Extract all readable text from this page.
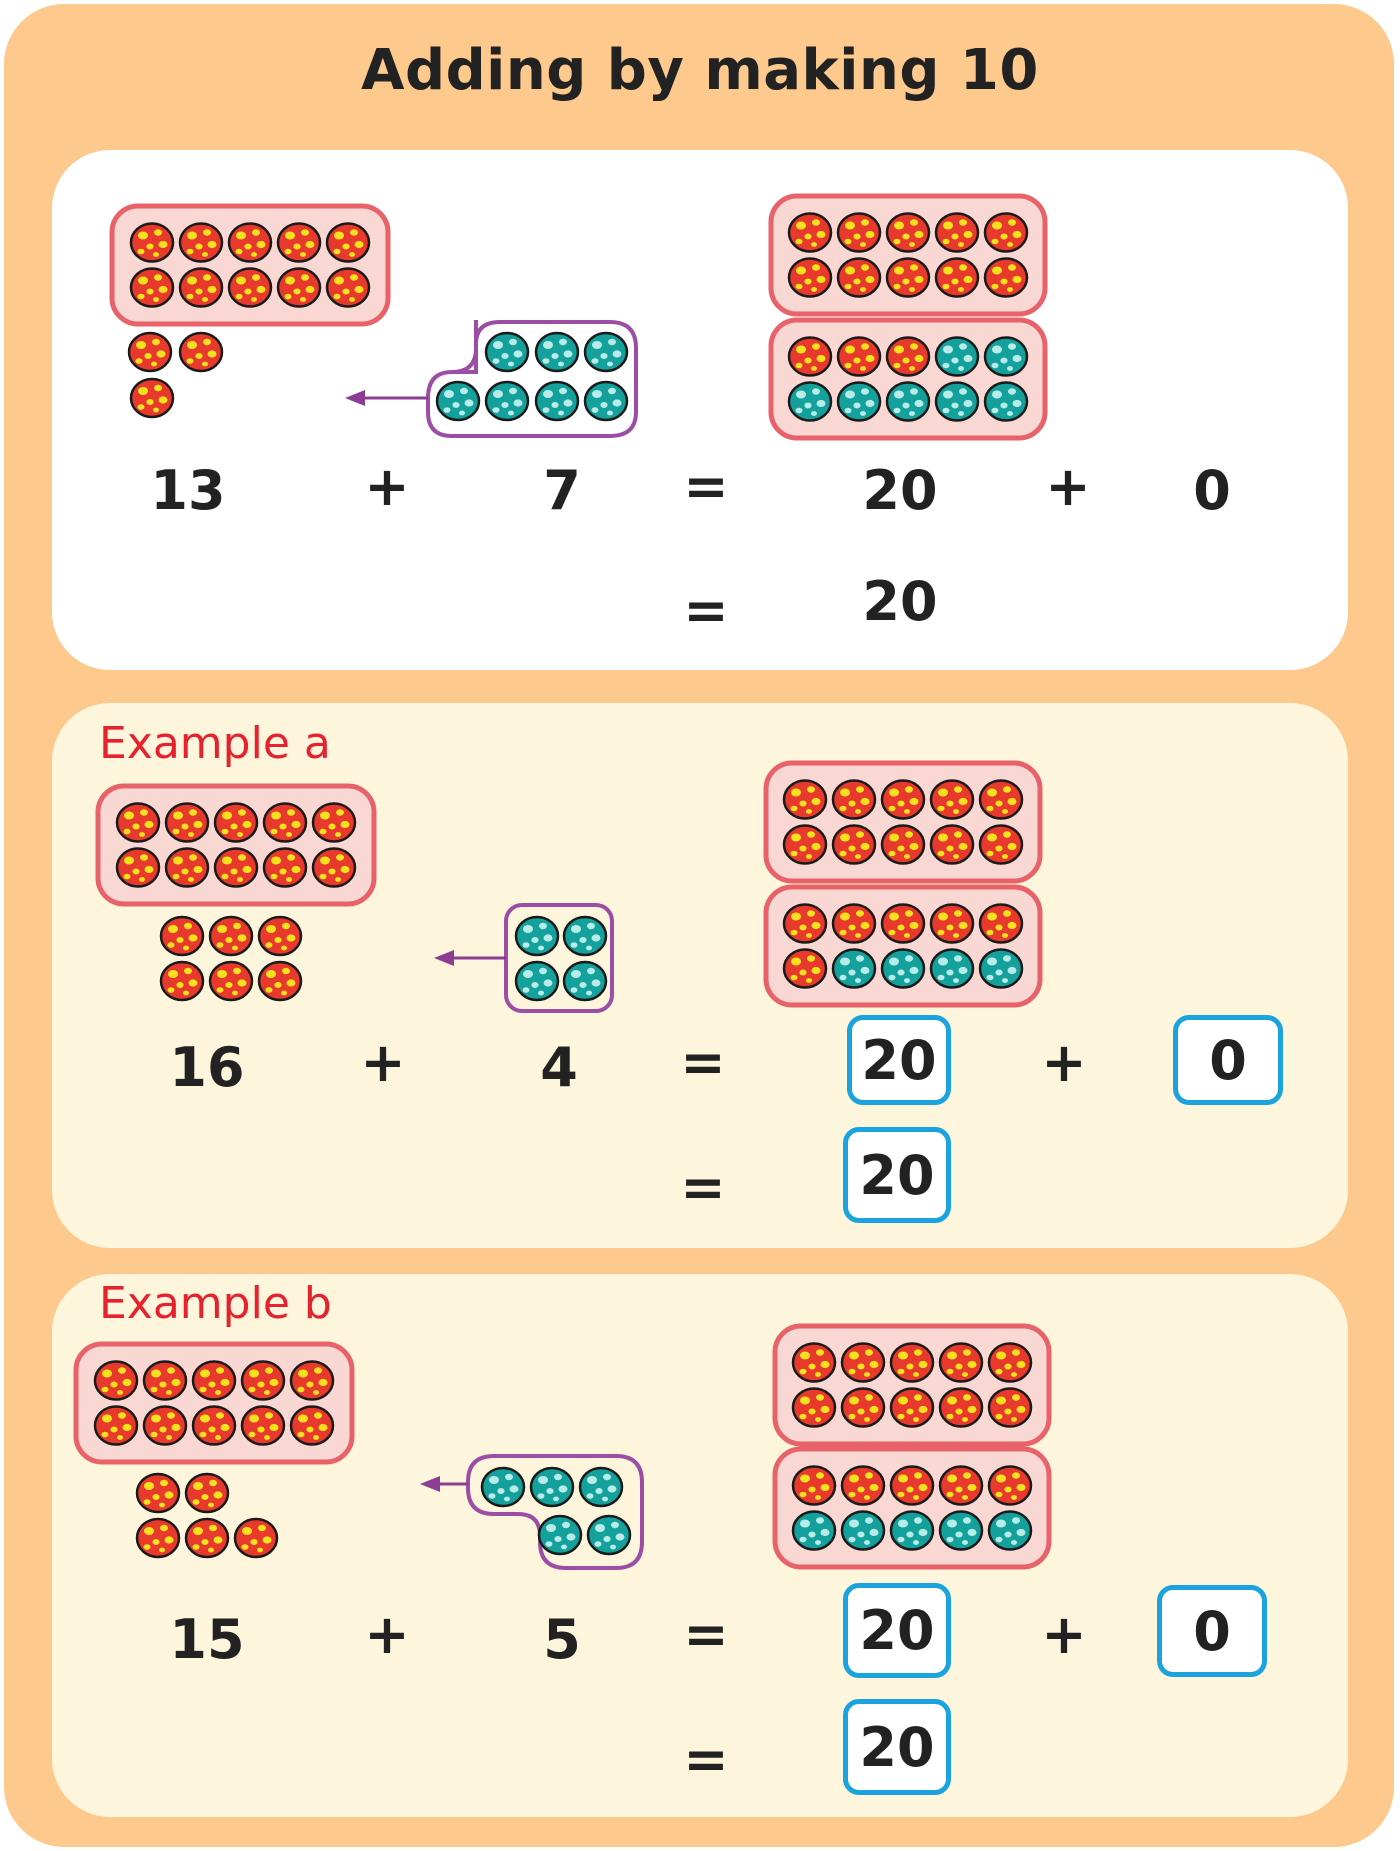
Adding by making 10
Example a
Example b
13	+ 7 = 20 + 0
= 20
16 + 4 =	20 +	0
=	20
15 + 5 =	20	+	0
=	20
